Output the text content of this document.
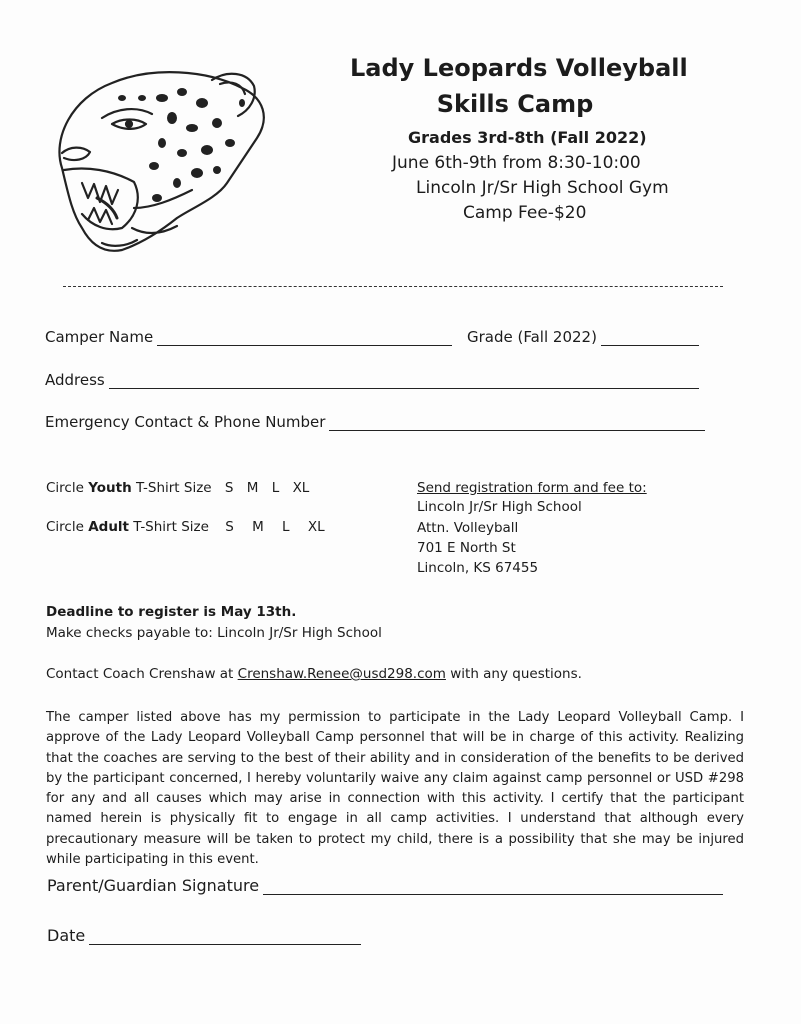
Lady Leopards Volleyball
Skills Camp
Grades 3rd-8th (Fall 2022)
June 6th-9th from 8:30-10:00
Lincoln Jr/Sr High School Gym
Camp Fee-$20
Camper Name	Grade (Fall 2022)
Address
Emergency Contact & Phone Number
Circle Youth T-Shirt Size S M L XL
Circle Adult T-Shirt Size S M L XL
Send registration form and fee to:
Lincoln Jr/Sr High School
Attn. Volleyball
701 E North St
Lincoln, KS 67455
Deadline to register is May 13th.
Make checks payable to: Lincoln Jr/Sr High School
Contact Coach Crenshaw at Crenshaw.Renee@usd298.com with any questions.
The camper listed above has my permission to participate in the Lady Leopard Volleyball Camp. I approve of the Lady Leopard Volleyball Camp personnel that will be in charge of this activity. Realizing that the coaches are serving to the best of their ability and in consideration of the benefits to be derived by the participant concerned, I hereby voluntarily waive any claim against camp personnel or USD #298 for any and all causes which may arise in connection with this activity. I certify that the participant named herein is physically fit to engage in all camp activities. I understand that although every precautionary measure will be taken to protect my child, there is a possibility that she may be injured while participating in this event.
Parent/Guardian Signature
Date
